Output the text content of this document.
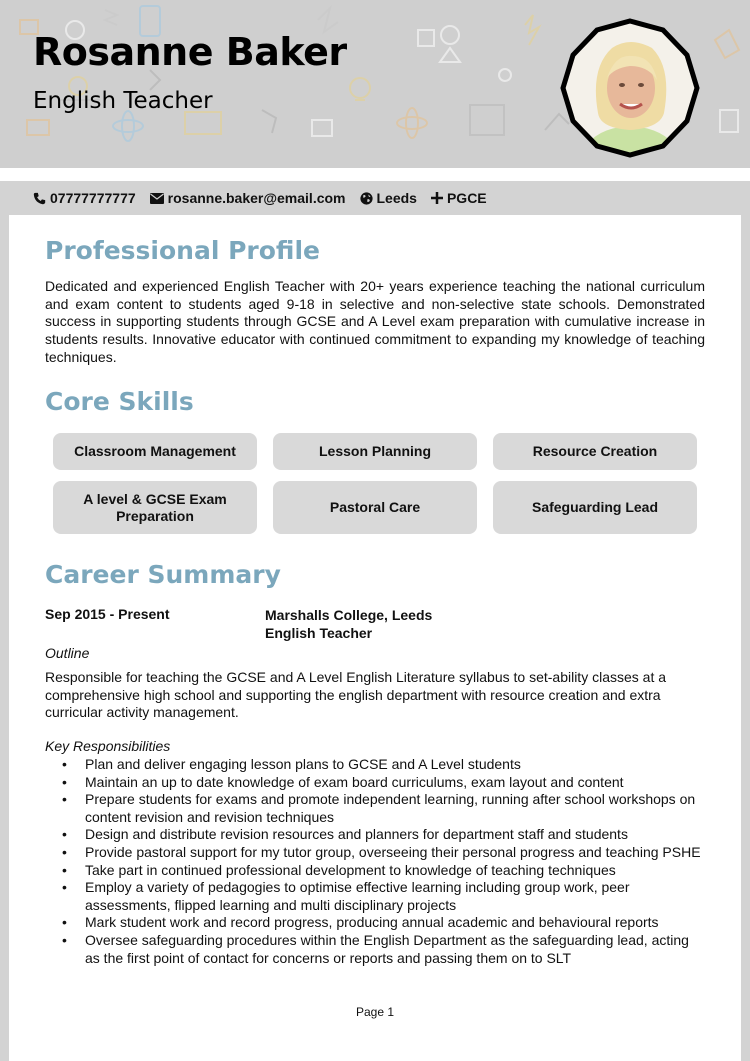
Rosanne Baker
English Teacher
07777777777 rosanne.baker@email.com Leeds PGCE
Professional Profile
Dedicated and experienced English Teacher with 20+ years experience teaching the national curriculum and exam content to students aged 9-18 in selective and non-selective state schools. Demonstrated success in supporting students through GCSE and A Level exam preparation with cumulative increase in students results. Innovative educator with continued commitment to expanding my knowledge of teaching techniques.
Core Skills
Classroom Management	Lesson Planning	Resource Creation
A level & GCSE Exam Preparation
Pastoral Care	Safeguarding Lead
Career Summary
Sep 2015 - Present	Marshalls College, Leeds
English Teacher
Outline
Responsible for teaching the GCSE and A Level English Literature syllabus to set-ability classes at a comprehensive high school and supporting the english department with resource creation and extra curricular activity management.
Key Responsibilities
• Plan and deliver engaging lesson plans to GCSE and A Level students
• Maintain an up to date knowledge of exam board curriculums, exam layout and content
• Prepare students for exams and promote independent learning, running after school workshops on content revision and revision techniques
• Design and distribute revision resources and planners for department staff and students
• Provide pastoral support for my tutor group, overseeing their personal progress and teaching PSHE
• Take part in continued professional development to knowledge of teaching techniques
• Employ a variety of pedagogies to optimise effective learning including group work, peer assessments, flipped learning and multi disciplinary projects
• Mark student work and record progress, producing annual academic and behavioural reports
• Oversee safeguarding procedures within the English Department as the safeguarding lead, acting as the first point of contact for concerns or reports and passing them on to SLT
Page 1
